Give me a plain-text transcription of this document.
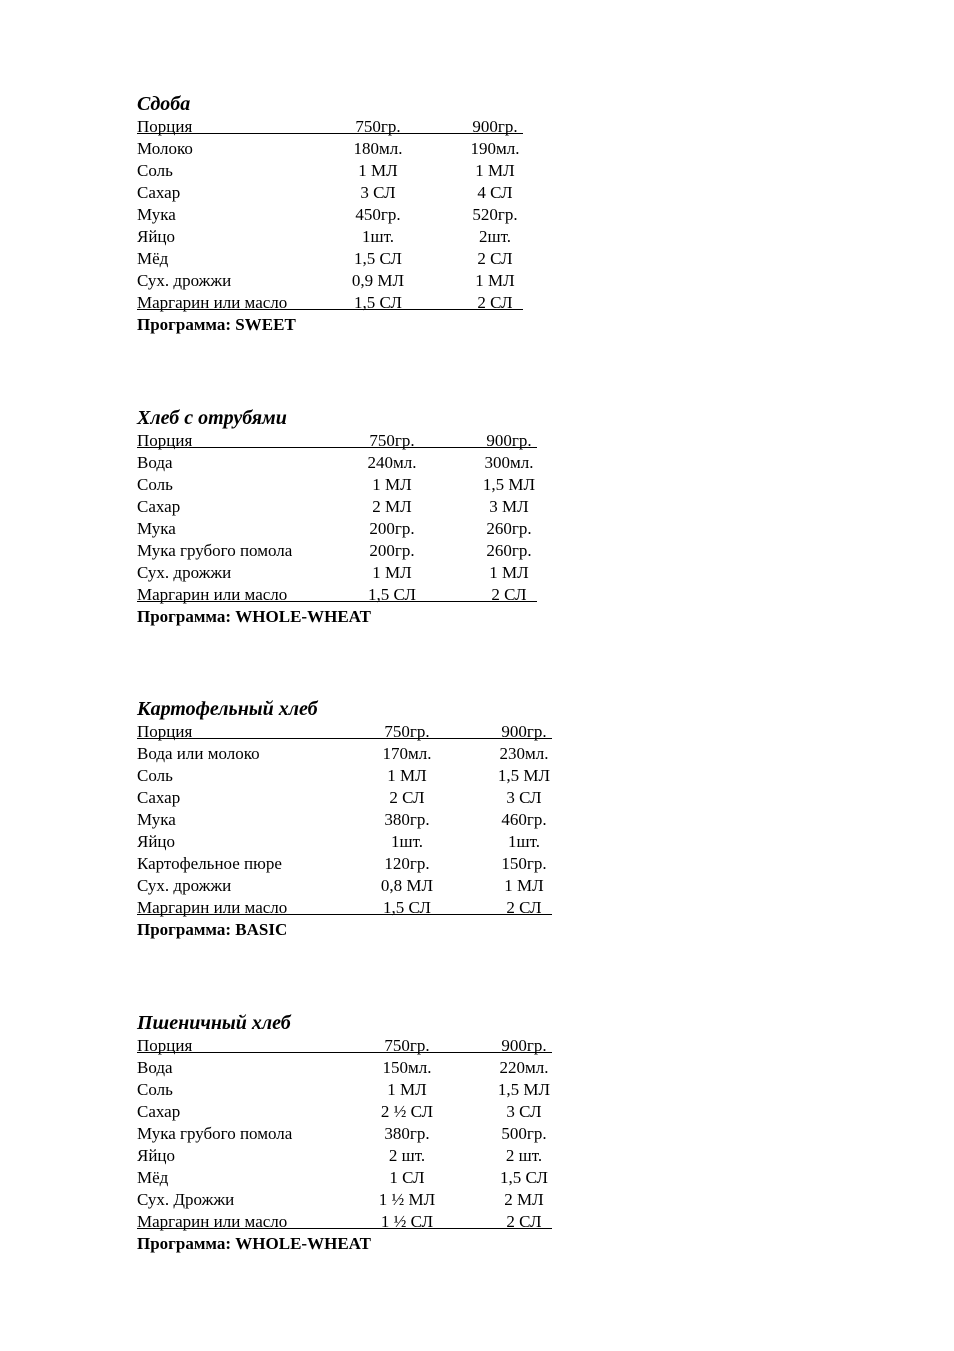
Сдоба
Порция	750гр.	900гр.
Молоко	180мл.	190мл.
Соль	1 МЛ	1 МЛ
Сахар	3 СЛ	4 СЛ
Мука	450гр.	520гр.
Яйцо	1шт.	2шт.
Мёд	1,5 СЛ	2 СЛ
Сух. дрожжи	0,9 МЛ	1 МЛ
Маргарин или масло	1,5 СЛ	2 СЛ
Программа: SWEET
Хлеб с отрубями
Порция	750гр.	900гр.
Вода	240мл.	300мл.
Соль	1 МЛ	1,5 МЛ
Сахар	2 МЛ	3 МЛ
Мука	200гр.	260гр.
Мука грубого помола	200гр.	260гр.
Сух. дрожжи	1 МЛ	1 МЛ
Маргарин или масло	1,5 СЛ	2 СЛ
Программа: WHOLE-WHEAT
Картофельный хлеб
Порция	750гр.	900гр.
Вода или молоко	170мл.	230мл.
Соль	1 МЛ	1,5 МЛ
Сахар	2 СЛ	3 СЛ
Мука	380гр.	460гр.
Яйцо	1шт.	1шт.
Картофельное пюре	120гр.	150гр.
Сух. дрожжи	0,8 МЛ	1 МЛ
Маргарин или масло	1,5 СЛ	2 СЛ
Программа: BASIC
Пшеничный хлеб
Порция	750гр.	900гр.
Вода	150мл.	220мл.
Соль	1 МЛ	1,5 МЛ
Сахар	2 ½ СЛ	3 СЛ
Мука грубого помола	380гр.	500гр.
Яйцо	2 шт.	2 шт.
Мёд	1 СЛ	1,5 СЛ
Сух. Дрожжи	1 ½ МЛ	2 МЛ
Маргарин или масло	1 ½ СЛ	2 СЛ
Программа: WHOLE-WHEAT
